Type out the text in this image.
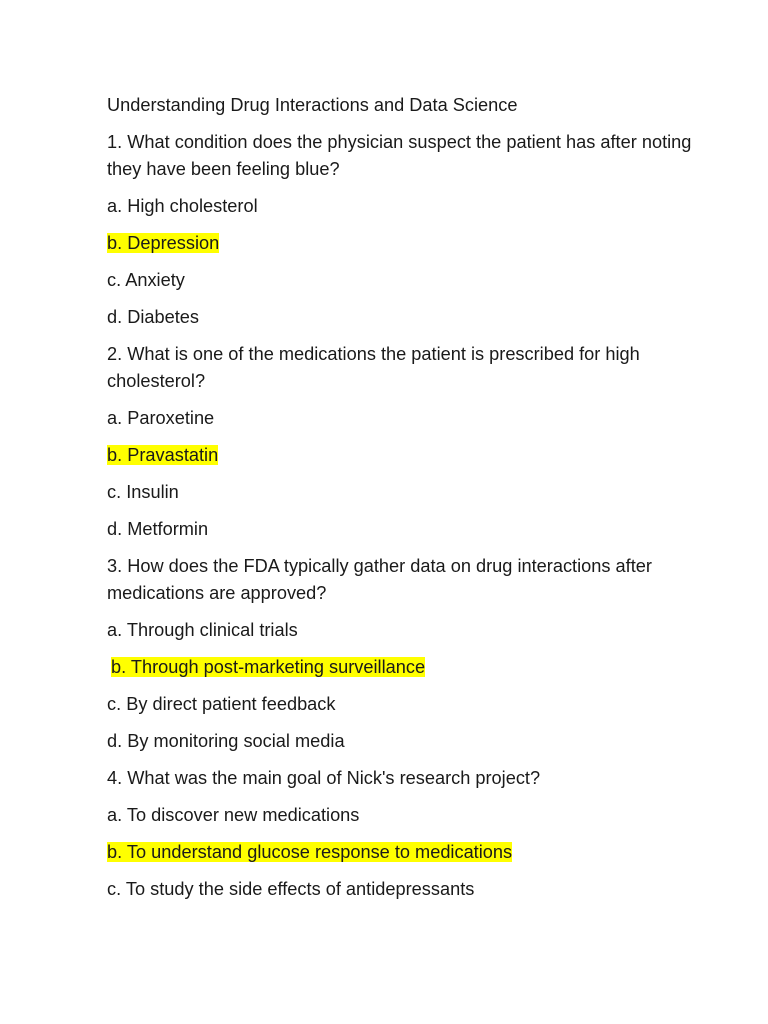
Understanding Drug Interactions and Data Science
1. What condition does the physician suspect the patient has after noting they have been feeling blue?
a. High cholesterol
b. Depression
c. Anxiety
d. Diabetes
2. What is one of the medications the patient is prescribed for high cholesterol?
a. Paroxetine
b. Pravastatin
c. Insulin
d. Metformin
3. How does the FDA typically gather data on drug interactions after medications are approved?
a. Through clinical trials
b. Through post-marketing surveillance
c. By direct patient feedback
d. By monitoring social media
4. What was the main goal of Nick's research project?
a. To discover new medications
b. To understand glucose response to medications
c. To study the side effects of antidepressants
